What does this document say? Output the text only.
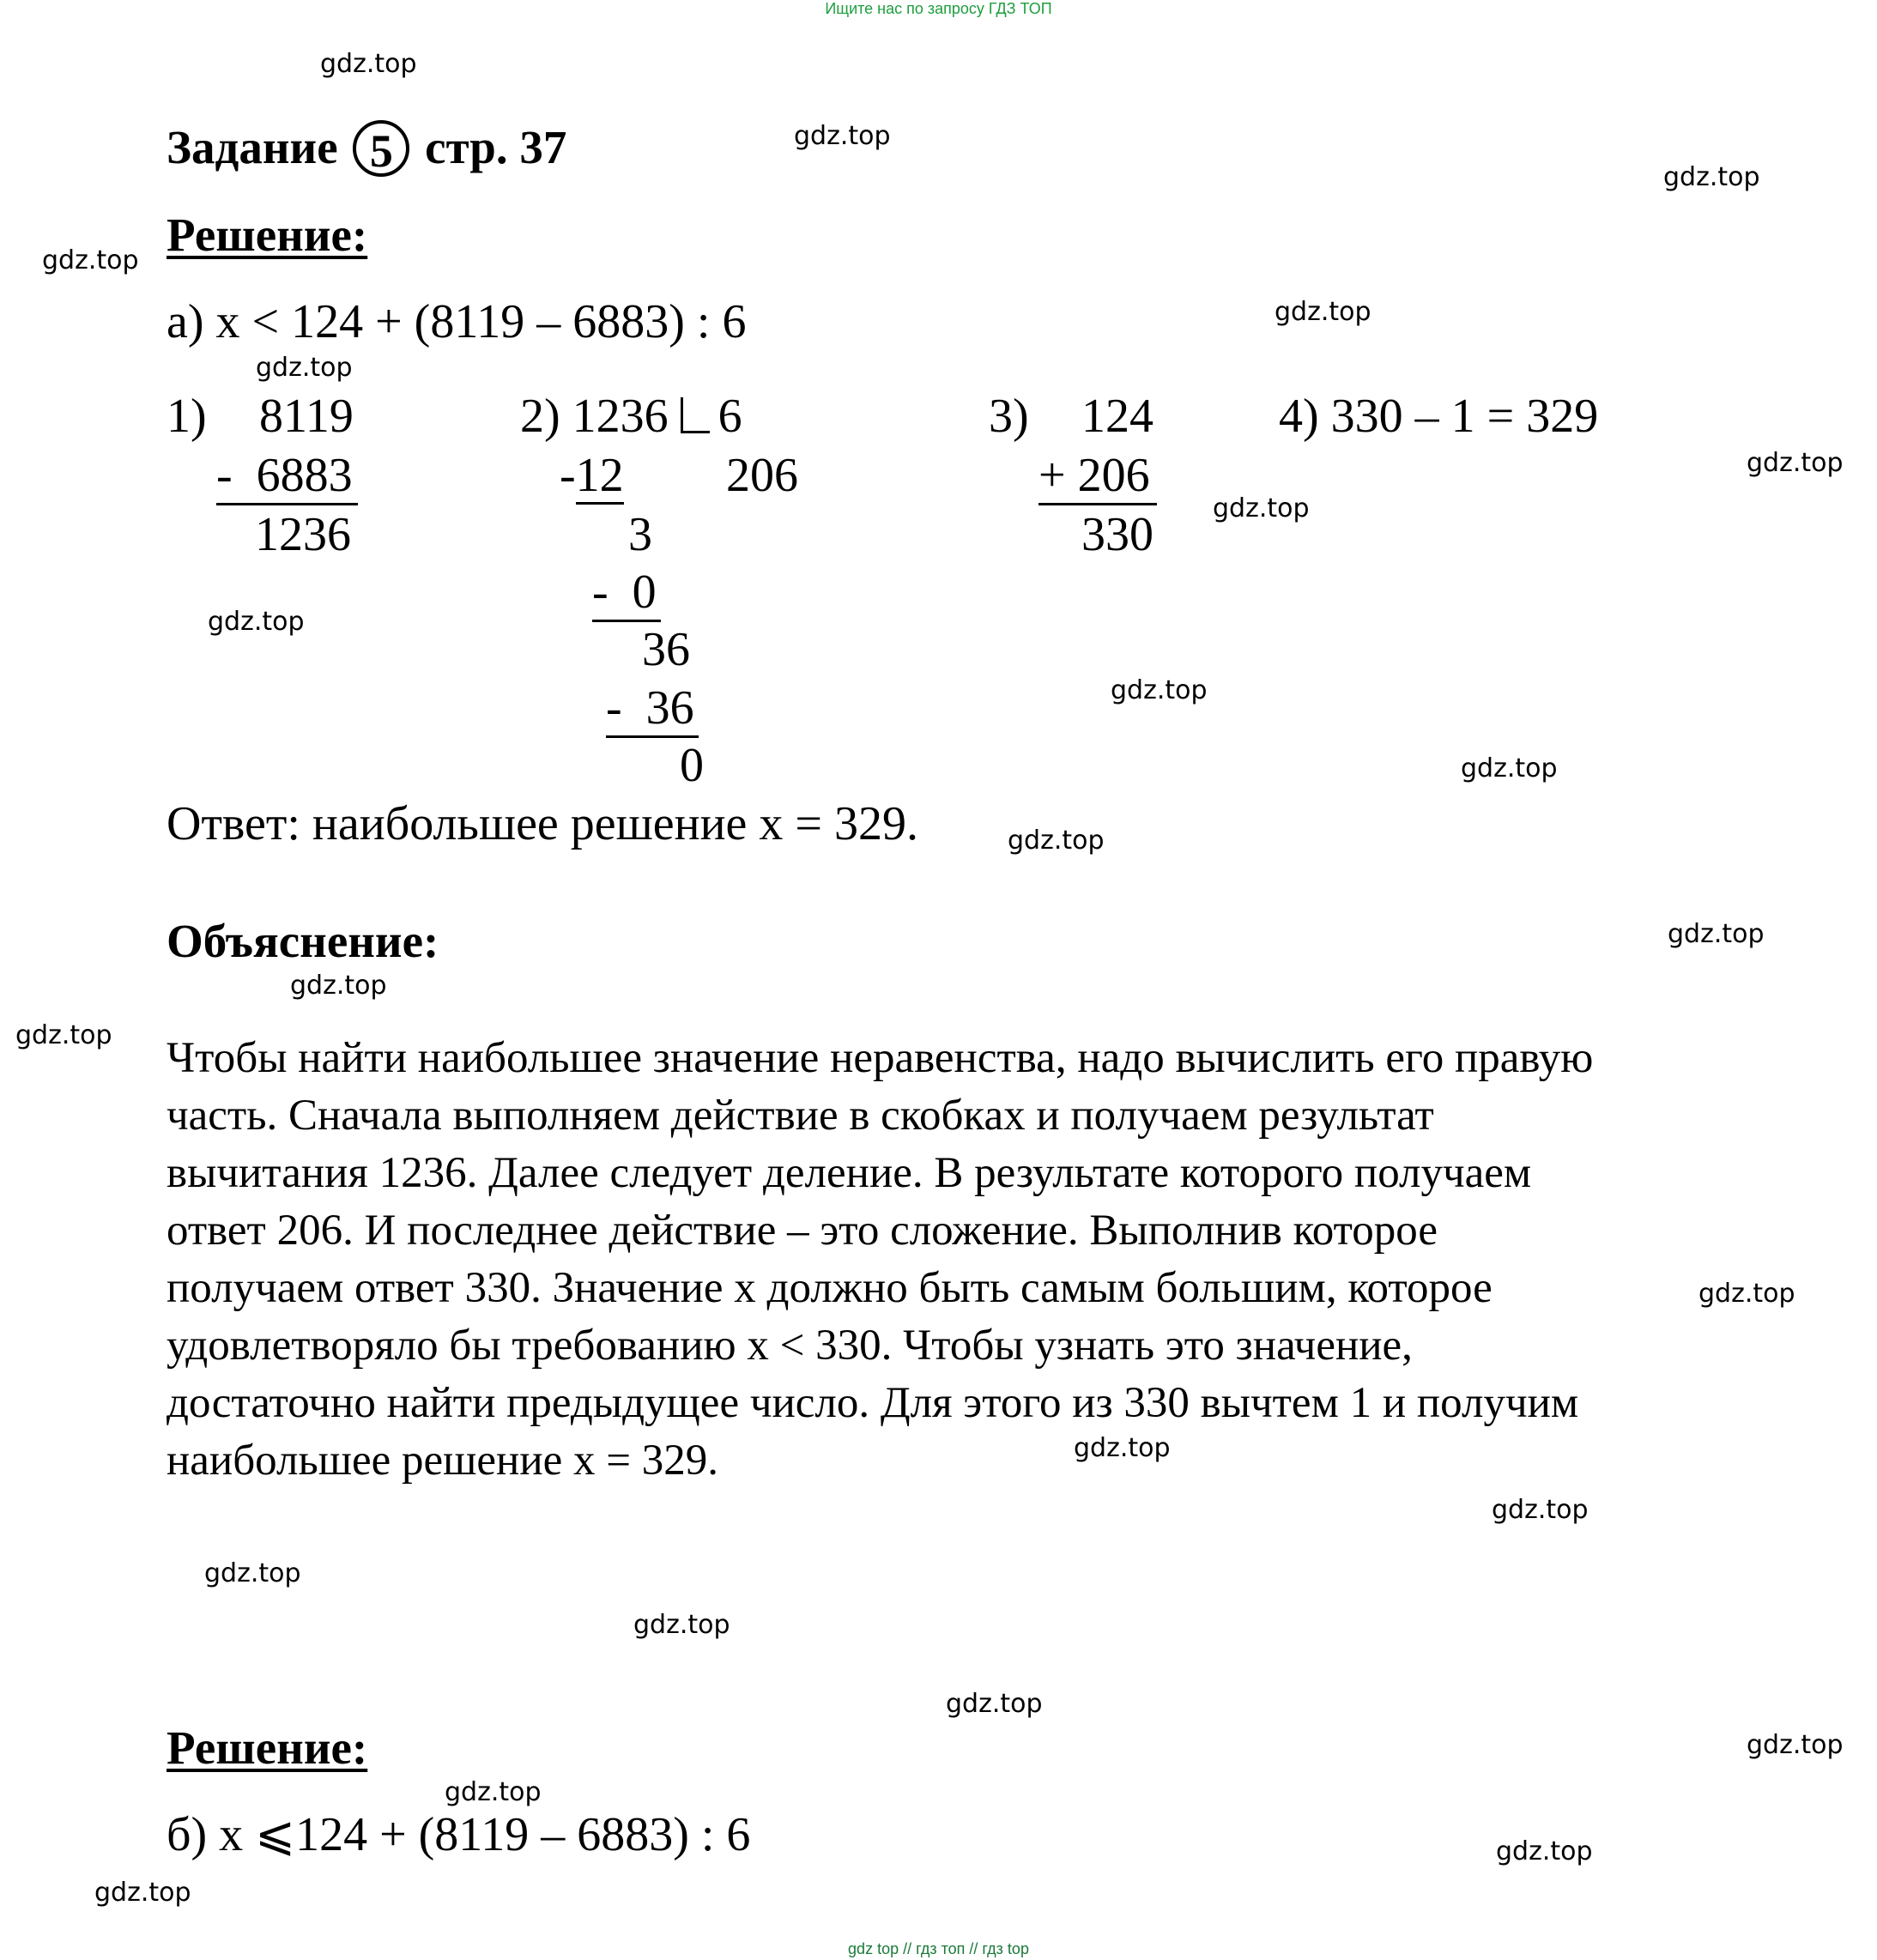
Ищите нас по запросу ГДЗ ТОП
gdz top // гдз топ // гдз top
Задание 5 стр. 37
Решение:
а) x < 124 + (8119 – 6883) : 6
1) 8119
- 6883
1236
2) 1236 6
-12 206
3
- 0
36
- 36
0
3) 124
+ 206
330
4) 330 – 1 = 329
Ответ: наибольшее решение x = 329.
Объяснение:
Чтобы найти наибольшее значение неравенства, надо вычислить его правую
часть. Сначала выполняем действие в скобках и получаем результат
вычитания 1236. Далее следует деление. В результате которого получаем
ответ 206. И последнее действие – это сложение. Выполнив которое
получаем ответ 330. Значение x должно быть самым большим, которое
удовлетворяло бы требованию x < 330. Чтобы узнать это значение,
достаточно найти предыдущее число. Для этого из 330 вычтем 1 и получим
наибольшее решение x = 329.
Решение:
б) x ⩽124 + (8119 – 6883) : 6
gdz.top
gdz.top
gdz.top
gdz.top
gdz.top
gdz.top
gdz.top
gdz.top
gdz.top
gdz.top
gdz.top
gdz.top
gdz.top
gdz.top
gdz.top
gdz.top
gdz.top
gdz.top
gdz.top
gdz.top
gdz.top
gdz.top
gdz.top
gdz.top
gdz.top
